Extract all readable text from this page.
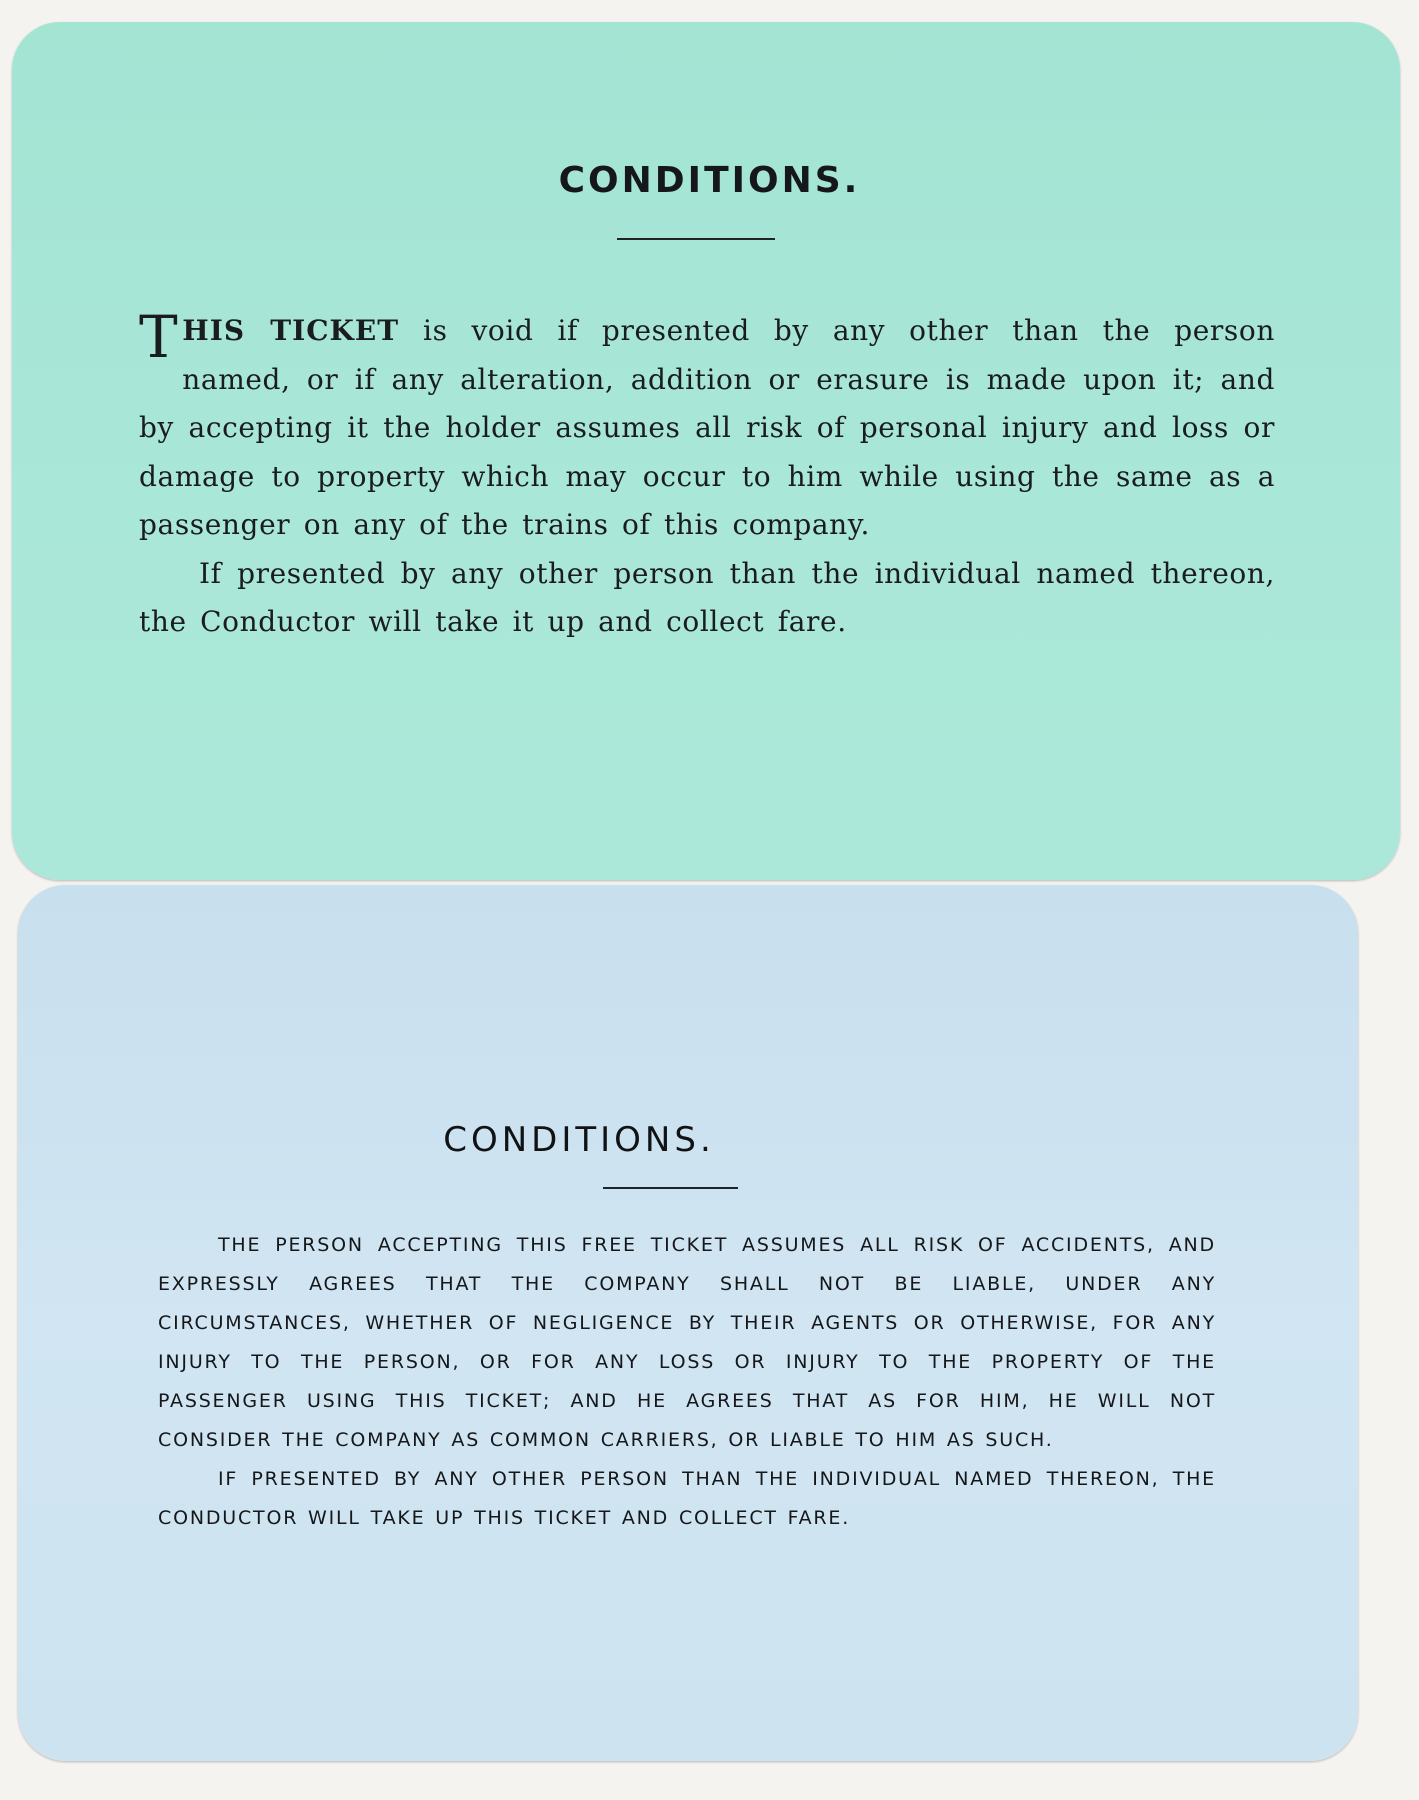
CONDITIONS.

THIS TICKET is void if presented by any other than the person named, or if any alteration, addition or erasure is made upon it; and by accepting it the holder assumes all risk of personal injury and loss or damage to property which may occur to him while using the same as a passenger on any of the trains of this company.

If presented by any other person than the individual named thereon, the Conductor will take it up and collect fare.

CONDITIONS.

THE PERSON ACCEPTING THIS FREE TICKET ASSUMES ALL RISK OF ACCIDENTS, AND EXPRESSLY AGREES THAT THE COMPANY SHALL NOT BE LIABLE, UNDER ANY CIRCUMSTANCES, WHETHER OF NEGLIGENCE BY THEIR AGENTS OR OTHERWISE, FOR ANY INJURY TO THE PERSON, OR FOR ANY LOSS OR INJURY TO THE PROPERTY OF THE PASSENGER USING THIS TICKET; AND HE AGREES THAT AS FOR HIM, HE WILL NOT CONSIDER THE COMPANY AS COMMON CARRIERS, OR LIABLE TO HIM AS SUCH.

IF PRESENTED BY ANY OTHER PERSON THAN THE INDIVIDUAL NAMED THEREON, THE CONDUCTOR WILL TAKE UP THIS TICKET AND COLLECT FARE.
